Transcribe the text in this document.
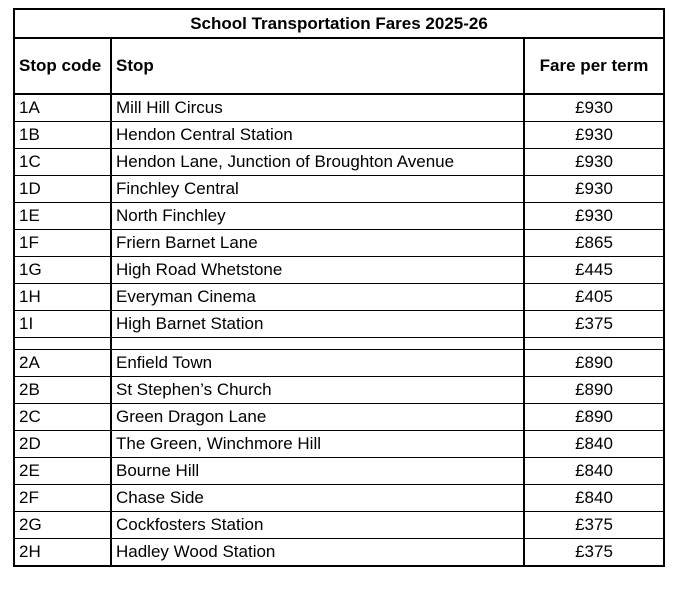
School Transportation Fares 2025-26		
Stop code	Stop	Fare per term
1A	Mill Hill Circus	£930
1B	Hendon Central Station	£930
1C	Hendon Lane, Junction of Broughton Avenue	£930
1D	Finchley Central	£930
1E	North Finchley	£930
1F	Friern Barnet Lane	£865
1G	High Road Whetstone	£445
1H	Everyman Cinema	£405
1I	High Barnet Station	£375

2A	Enfield Town	£890
2B	St Stephen’s Church	£890
2C	Green Dragon Lane	£890
2D	The Green, Winchmore Hill	£840
2E	Bourne Hill	£840
2F	Chase Side	£840
2G	Cockfosters Station	£375
2H	Hadley Wood Station	£375
